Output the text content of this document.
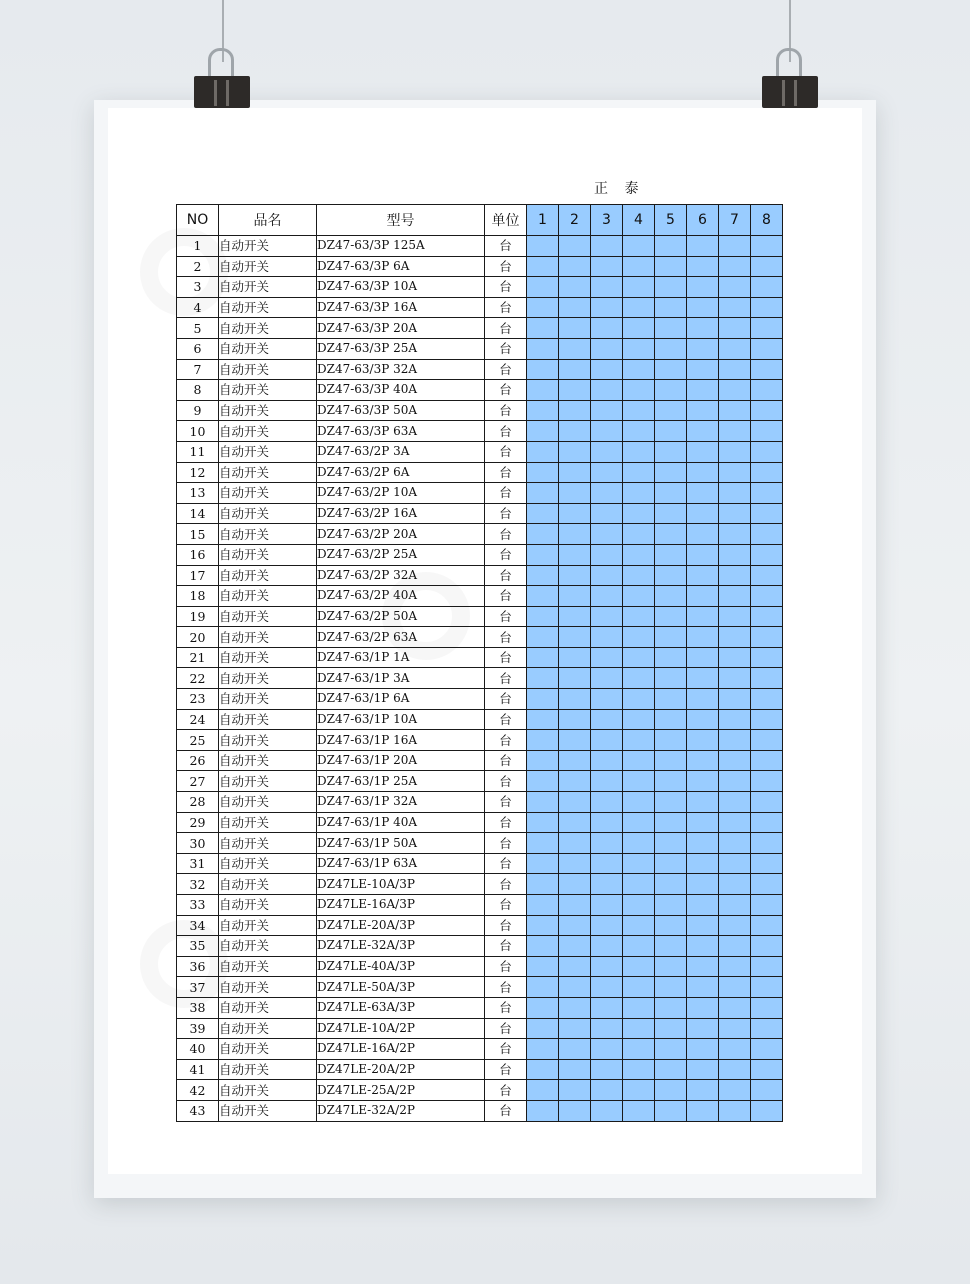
正 泰
NO	品名	型号	单位	1	2	3	4	5	6	7	8
1	自动开关	DZ47-63/3P 125A	台								
2	自动开关	DZ47-63/3P 6A	台								
3	自动开关	DZ47-63/3P 10A	台								
4	自动开关	DZ47-63/3P 16A	台								
5	自动开关	DZ47-63/3P 20A	台								
6	自动开关	DZ47-63/3P 25A	台								
7	自动开关	DZ47-63/3P 32A	台								
8	自动开关	DZ47-63/3P 40A	台								
9	自动开关	DZ47-63/3P 50A	台								
10	自动开关	DZ47-63/3P 63A	台								
11	自动开关	DZ47-63/2P 3A	台								
12	自动开关	DZ47-63/2P 6A	台								
13	自动开关	DZ47-63/2P 10A	台								
14	自动开关	DZ47-63/2P 16A	台								
15	自动开关	DZ47-63/2P 20A	台								
16	自动开关	DZ47-63/2P 25A	台								
17	自动开关	DZ47-63/2P 32A	台								
18	自动开关	DZ47-63/2P 40A	台								
19	自动开关	DZ47-63/2P 50A	台								
20	自动开关	DZ47-63/2P 63A	台								
21	自动开关	DZ47-63/1P 1A	台								
22	自动开关	DZ47-63/1P 3A	台								
23	自动开关	DZ47-63/1P 6A	台								
24	自动开关	DZ47-63/1P 10A	台								
25	自动开关	DZ47-63/1P 16A	台								
26	自动开关	DZ47-63/1P 20A	台								
27	自动开关	DZ47-63/1P 25A	台								
28	自动开关	DZ47-63/1P 32A	台								
29	自动开关	DZ47-63/1P 40A	台								
30	自动开关	DZ47-63/1P 50A	台								
31	自动开关	DZ47-63/1P 63A	台								
32	自动开关	DZ47LE-10A/3P	台								
33	自动开关	DZ47LE-16A/3P	台								
34	自动开关	DZ47LE-20A/3P	台								
35	自动开关	DZ47LE-32A/3P	台								
36	自动开关	DZ47LE-40A/3P	台								
37	自动开关	DZ47LE-50A/3P	台								
38	自动开关	DZ47LE-63A/3P	台								
39	自动开关	DZ47LE-10A/2P	台								
40	自动开关	DZ47LE-16A/2P	台								
41	自动开关	DZ47LE-20A/2P	台								
42	自动开关	DZ47LE-25A/2P	台								
43	自动开关	DZ47LE-32A/2P	台								
